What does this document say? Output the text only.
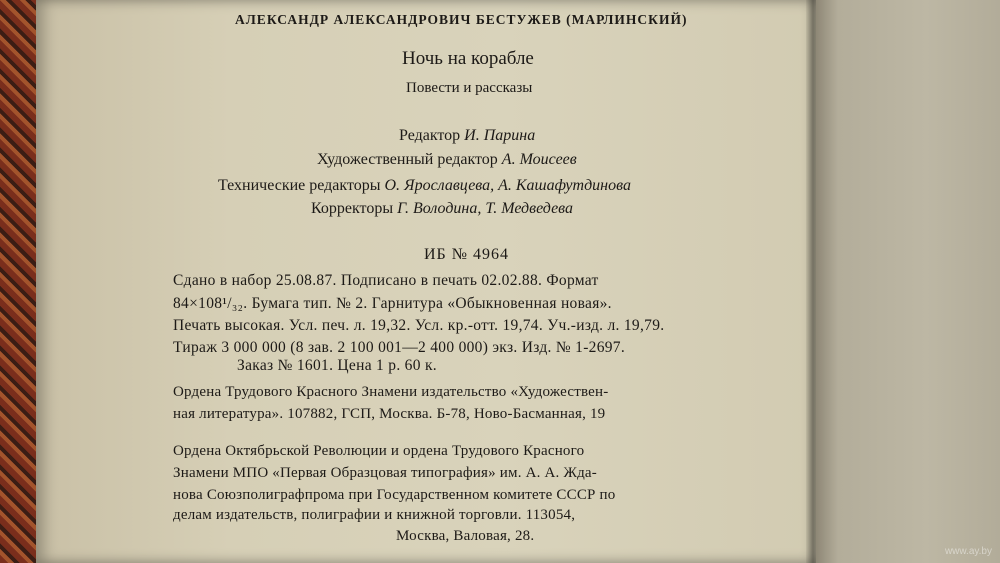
АЛЕКСАНДР АЛЕКСАНДРОВИЧ БЕСТУЖЕВ (МАРЛИНСКИЙ)
Ночь на корабле
Повести и рассказы
Редактор И. Парина
Художественный редактор А. Моисеев
Технические редакторы О. Ярославцева, А. Кашафутдинова
Корректоры Г. Володина, Т. Медведева
ИБ № 4964
Сдано в набор 25.08.87. Подписано в печать 02.02.88. Формат
84×108¹/₃₂. Бумага тип. № 2. Гарнитура «Обыкновенная новая».
Печать высокая. Усл. печ. л. 19,32. Усл. кр.-отт. 19,74. Уч.-изд. л. 19,79.
Тираж 3 000 000 (8 зав. 2 100 001—2 400 000) экз. Изд. № 1-2697.
Заказ № 1601. Цена 1 р. 60 к.
Ордена Трудового Красного Знамени издательство «Художествен-
ная литература». 107882, ГСП, Москва. Б-78, Ново-Басманная, 19
Ордена Октябрьской Революции и ордена Трудового Красного
Знамени МПО «Первая Образцовая типография» им. А. А. Жда-
нова Союзполиграфпрома при Государственном комитете СССР по
делам издательств, полиграфии и книжной торговли. 113054,
Москва, Валовая, 28.
www.ay.by
